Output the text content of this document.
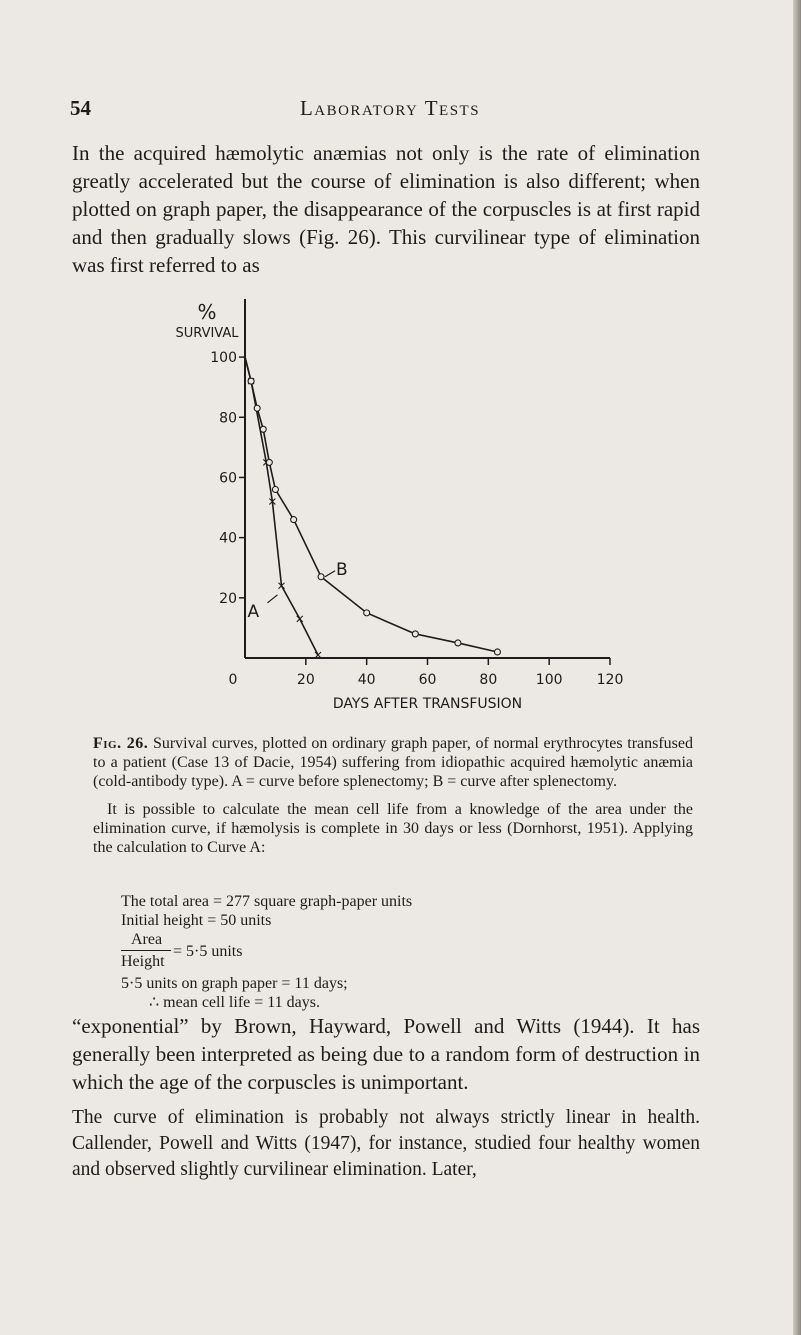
54	Laboratory Tests

In the acquired hæmolytic anæmias not only is the rate of elimination greatly accelerated but the course of elimination is also different; when plotted on graph paper, the disappearance of the corpuscles is at first rapid and then gradually slows (Fig. 26). This curvilinear type of elimination was first referred to as

20
40
60
80
100
0	20	40	60	80	100 120
%
SURVIVAL
DAYS AFTER TRANSFUSION
A
B

Fig. 26. Survival curves, plotted on ordinary graph paper, of normal erythrocytes transfused to a patient (Case 13 of Dacie, 1954) suffering from idiopathic acquired hæmolytic anæmia (cold-antibody type). A = curve before splenectomy; B = curve after splenectomy.

It is possible to calculate the mean cell life from a knowledge of the area under the elimination curve, if hæmolysis is complete in 30 days or less (Dornhorst, 1951). Applying the calculation to Curve A:

The total area = 277 square graph-paper units
Initial height = 50 units
Area
Height
= 5·5 units
5·5 units on graph paper = 11 days;
∴ mean cell life = 11 days.

“exponential” by Brown, Hayward, Powell and Witts (1944). It has generally been interpreted as being due to a random form of destruction in which the age of the corpuscles is unimportant.

The curve of elimination is probably not always strictly linear in health. Callender, Powell and Witts (1947), for instance, studied four healthy women and observed slightly curvilinear elimination. Later,
